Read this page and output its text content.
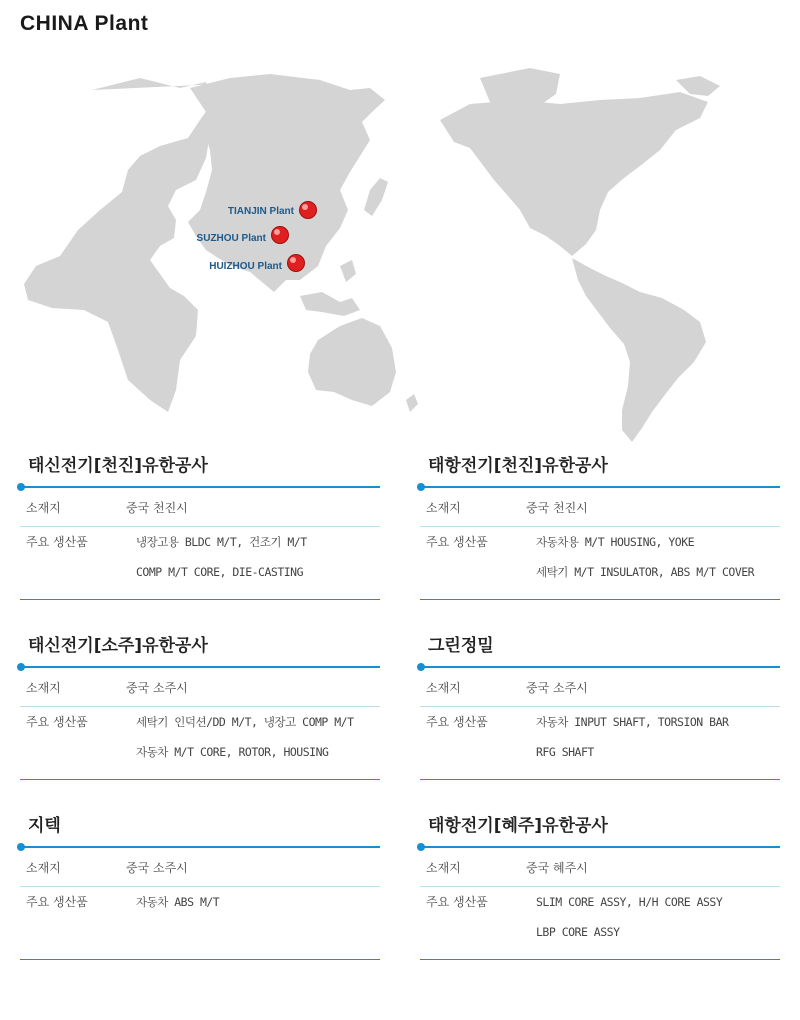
CHINA Plant
TIANJIN Plant
SUZHOU Plant
HUIZHOU Plant
태신전기[천진]유한공사
소재지	중국 천진시
주요 생산품	냉장고용 BLDC M/T, 건조기 M/T
COMP M/T CORE, DIE-CASTING
태항전기[천진]유한공사
소재지	중국 천진시
주요 생산품	자동차용 M/T HOUSING, YOKE
세탁기 M/T INSULATOR, ABS M/T COVER
태신전기[소주]유한공사
소재지	중국 소주시
주요 생산품	세탁기 인덕션/DD M/T, 냉장고 COMP M/T
자동차 M/T CORE, ROTOR, HOUSING
그린정밀
소재지	중국 소주시
주요 생산품	자동차 INPUT SHAFT, TORSION BAR
RFG SHAFT
지텍
소재지	중국 소주시
주요 생산품	자동차 ABS M/T
태항전기[혜주]유한공사
소재지	중국 혜주시
주요 생산품	SLIM CORE ASSY, H/H CORE ASSY
LBP CORE ASSY
